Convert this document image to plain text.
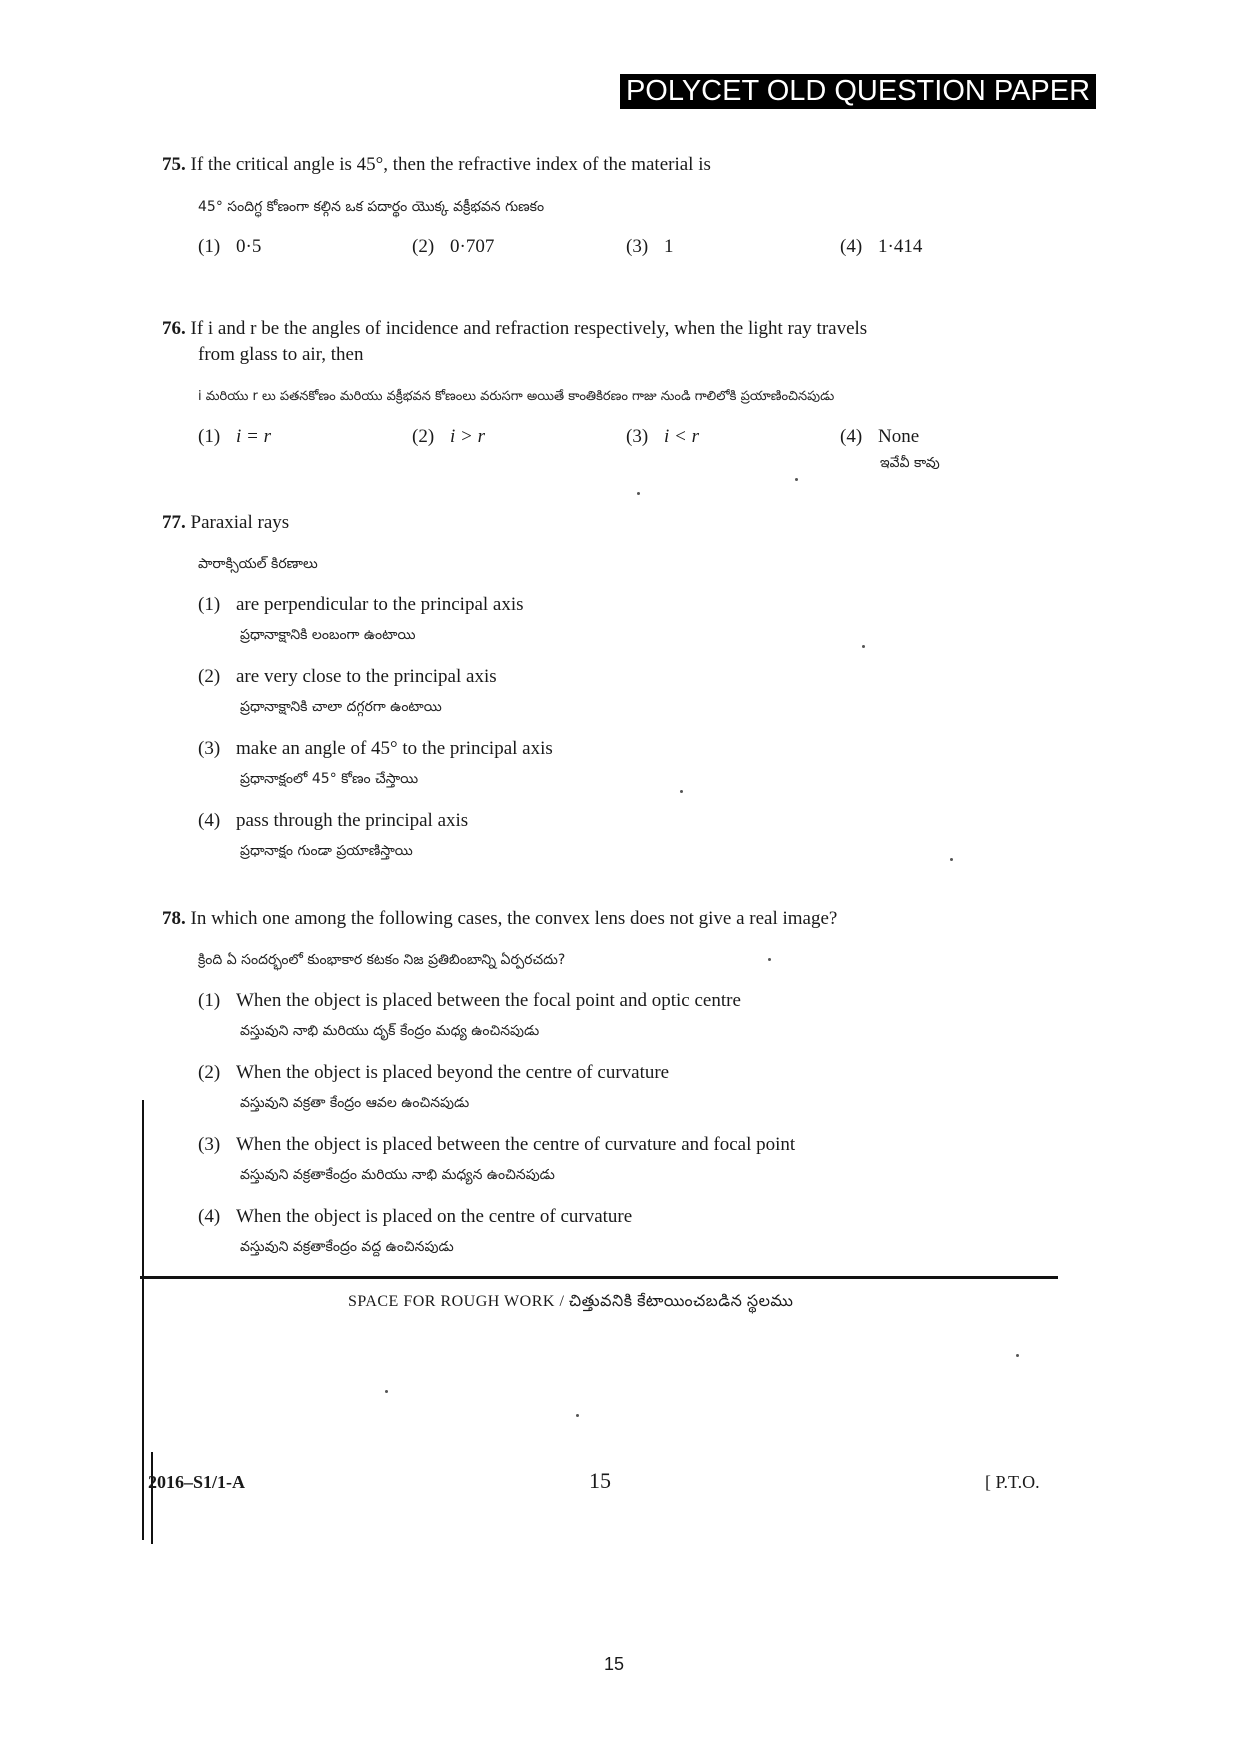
POLYCET OLD QUESTION PAPER
75. If the critical angle is 45°, then the refractive index of the material is
45° సందిగ్ధ కోణంగా కల్గిన ఒక పదార్థం యొక్క వక్రీభవన గుణకం
(1) 0·5	(2) 0·707	(3) 1	(4) 1·414
76. If i and r be the angles of incidence and refraction respectively, when the light ray travels
from glass to air, then
i మరియు r లు పతనకోణం మరియు వక్రీభవన కోణంలు వరుసగా అయితే కాంతికిరణం గాజు నుండి గాలిలోకి ప్రయాణించినపుడు
(1) i = r	(2) i > r	(3) i < r	(4) None
ఇవేవీ కావు
77. Paraxial rays
పారాక్సియల్ కిరణాలు
(1) are perpendicular to the principal axis
ప్రధానాక్షానికి లంబంగా ఉంటాయి
(2) are very close to the principal axis
ప్రధానాక్షానికి చాలా దగ్గరగా ఉంటాయి
(3) make an angle of 45° to the principal axis
ప్రధానాక్షంలో 45° కోణం చేస్తాయి
(4) pass through the principal axis
ప్రధానాక్షం గుండా ప్రయాణిస్తాయి
78. In which one among the following cases, the convex lens does not give a real image?
క్రింది ఏ సందర్భంలో కుంభాకార కటకం నిజ ప్రతిబింబాన్ని ఏర్పరచదు?
(1) When the object is placed between the focal point and optic centre
వస్తువుని నాభి మరియు దృక్ కేంద్రం మధ్య ఉంచినపుడు
(2) When the object is placed beyond the centre of curvature
వస్తువుని వక్రతా కేంద్రం ఆవల ఉంచినపుడు
(3) When the object is placed between the centre of curvature and focal point
వస్తువుని వక్రతాకేంద్రం మరియు నాభి మధ్యన ఉంచినపుడు
(4) When the object is placed on the centre of curvature
వస్తువుని వక్రతాకేంద్రం వద్ద ఉంచినపుడు
SPACE FOR ROUGH WORK / చిత్తువనికి కేటాయించబడిన స్థలము
2016–S1/1-A	15	[ P.T.O.
15
